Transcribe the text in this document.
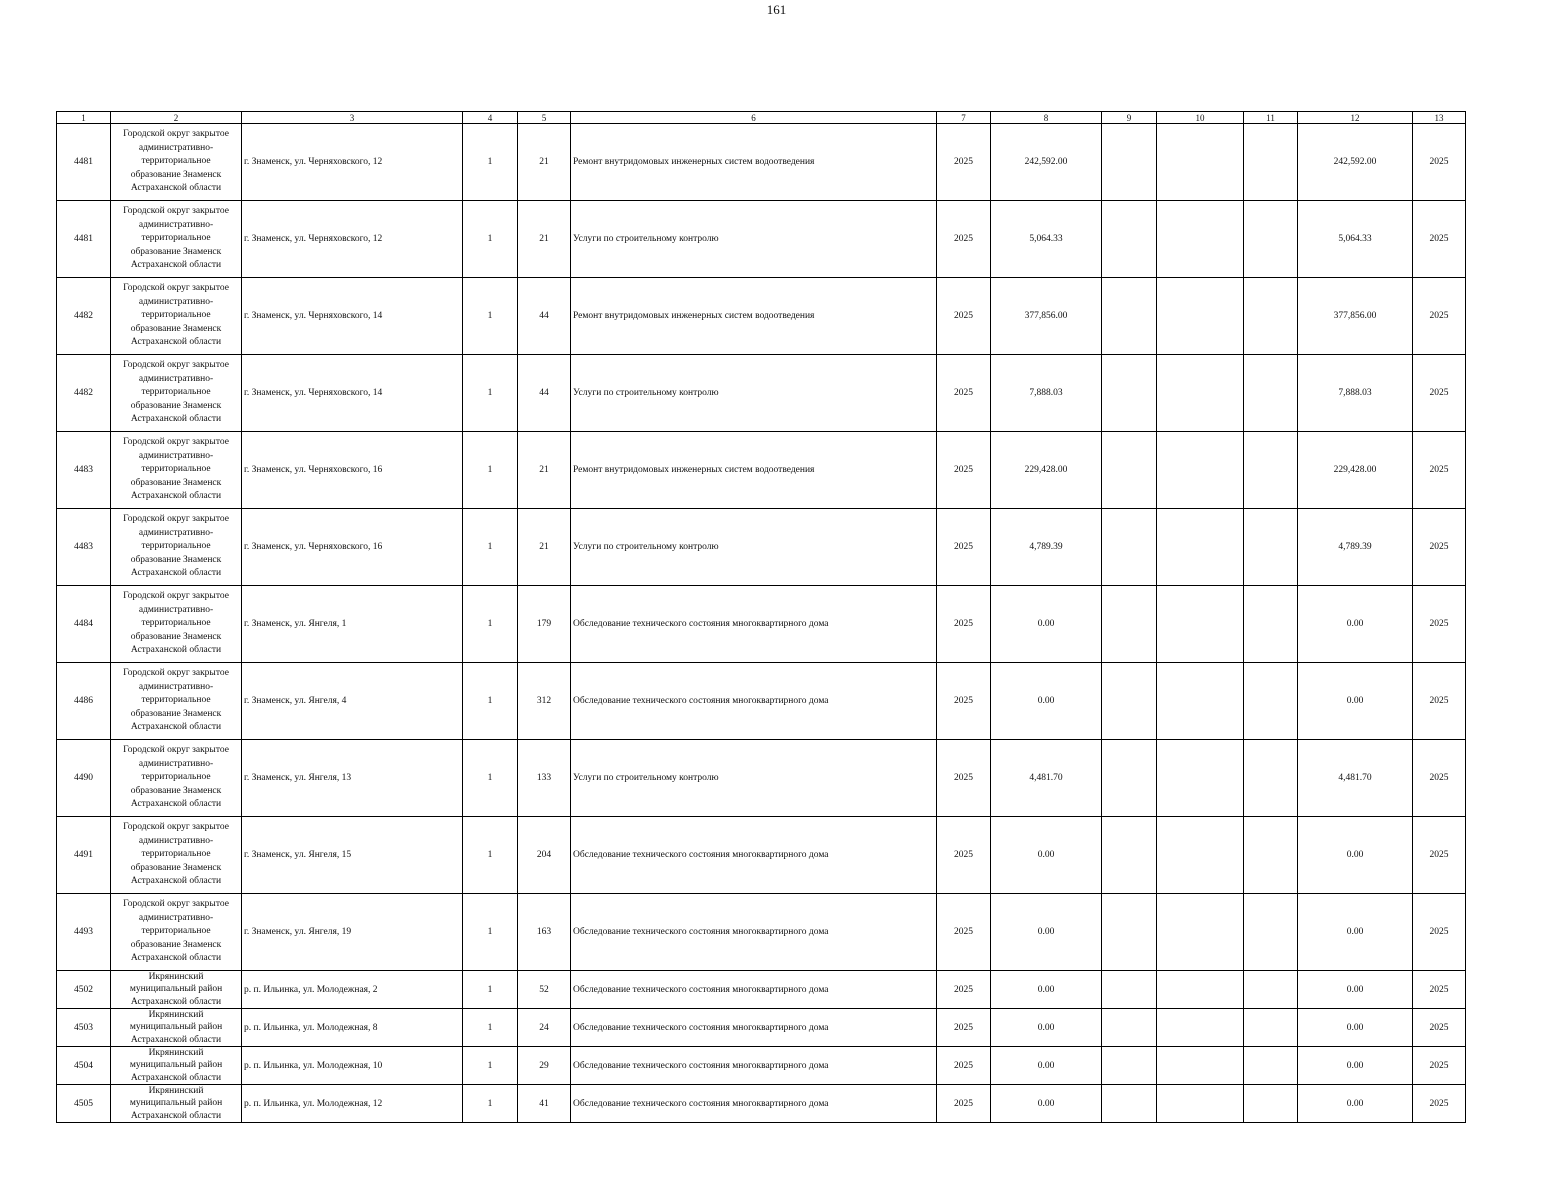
161
1	2	3	4	5	6	7	8	9	10	11	12	13
4481	Городской округ закрытое
административно-
территориальное
образование Знаменск
Астраханской области	г. Знаменск, ул. Черняховского, 12	1	21	Ремонт внутридомовых инженерных систем водоотведения	2025	242,592.00				242,592.00	2025
4481	Городской округ закрытое
административно-
территориальное
образование Знаменск
Астраханской области	г. Знаменск, ул. Черняховского, 12	1	21	Услуги по строительному контролю	2025	5,064.33				5,064.33	2025
4482	Городской округ закрытое
административно-
территориальное
образование Знаменск
Астраханской области	г. Знаменск, ул. Черняховского, 14	1	44	Ремонт внутридомовых инженерных систем водоотведения	2025	377,856.00				377,856.00	2025
4482	Городской округ закрытое
административно-
территориальное
образование Знаменск
Астраханской области	г. Знаменск, ул. Черняховского, 14	1	44	Услуги по строительному контролю	2025	7,888.03				7,888.03	2025
4483	Городской округ закрытое
административно-
территориальное
образование Знаменск
Астраханской области	г. Знаменск, ул. Черняховского, 16	1	21	Ремонт внутридомовых инженерных систем водоотведения	2025	229,428.00				229,428.00	2025
4483	Городской округ закрытое
административно-
территориальное
образование Знаменск
Астраханской области	г. Знаменск, ул. Черняховского, 16	1	21	Услуги по строительному контролю	2025	4,789.39				4,789.39	2025
4484	Городской округ закрытое
административно-
территориальное
образование Знаменск
Астраханской области	г. Знаменск, ул. Янгеля, 1	1	179	Обследование технического состояния многоквартирного дома	2025	0.00				0.00	2025
4486	Городской округ закрытое
административно-
территориальное
образование Знаменск
Астраханской области	г. Знаменск, ул. Янгеля, 4	1	312	Обследование технического состояния многоквартирного дома	2025	0.00				0.00	2025
4490	Городской округ закрытое
административно-
территориальное
образование Знаменск
Астраханской области	г. Знаменск, ул. Янгеля, 13	1	133	Услуги по строительному контролю	2025	4,481.70				4,481.70	2025
4491	Городской округ закрытое
административно-
территориальное
образование Знаменск
Астраханской области	г. Знаменск, ул. Янгеля, 15	1	204	Обследование технического состояния многоквартирного дома	2025	0.00				0.00	2025
4493	Городской округ закрытое
административно-
территориальное
образование Знаменск
Астраханской области	г. Знаменск, ул. Янгеля, 19	1	163	Обследование технического состояния многоквартирного дома	2025	0.00				0.00	2025
4502	Икрянинский
муниципальный район
Астраханской области	р. п. Ильинка, ул. Молодежная, 2	1	52	Обследование технического состояния многоквартирного дома	2025	0.00				0.00	2025
4503	Икрянинский
муниципальный район
Астраханской области	р. п. Ильинка, ул. Молодежная, 8	1	24	Обследование технического состояния многоквартирного дома	2025	0.00				0.00	2025
4504	Икрянинский
муниципальный район
Астраханской области	р. п. Ильинка, ул. Молодежная, 10	1	29	Обследование технического состояния многоквартирного дома	2025	0.00				0.00	2025
4505	Икрянинский
муниципальный район
Астраханской области	р. п. Ильинка, ул. Молодежная, 12	1	41	Обследование технического состояния многоквартирного дома	2025	0.00				0.00	2025
